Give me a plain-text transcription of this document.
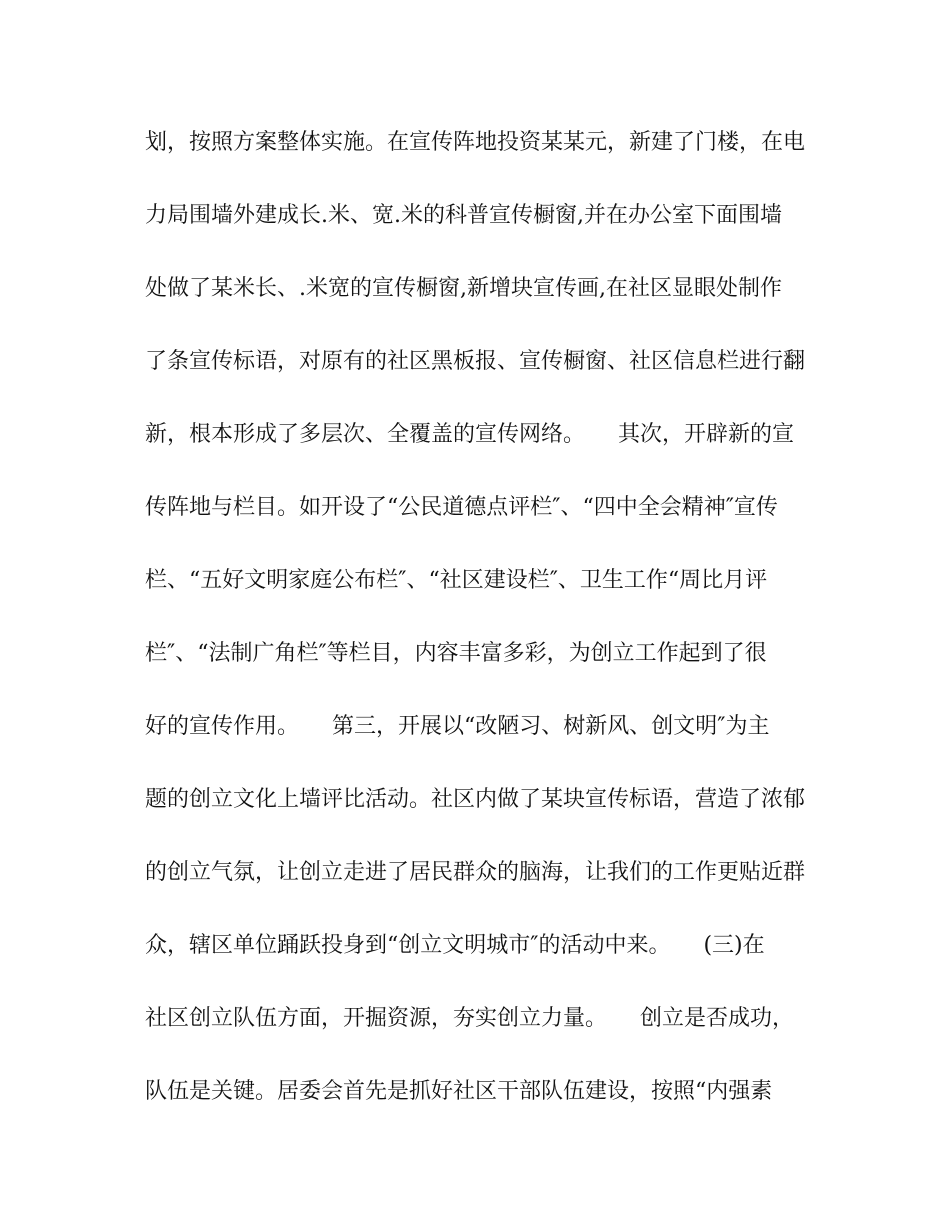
划，按照方案整体实施。在宣传阵地投资某某元，新建了门楼，在电
力局围墙外建成长.米、宽.米的科普宣传橱窗,并在办公室下面围墙
处做了某米长、.米宽的宣传橱窗,新增块宣传画,在社区显眼处制作
了条宣传标语，对原有的社区黑板报、宣传橱窗、社区信息栏进行翻
新，根本形成了多层次、全覆盖的宣传网络。　　其次，开辟新的宣
传阵地与栏目。如开设了“公民道德点评栏″、“四中全会精神″宣传
栏、“五好文明家庭公布栏″、“社区建设栏″、卫生工作“周比月评
栏″、“法制广角栏″等栏目，内容丰富多彩，为创立工作起到了很
好的宣传作用。　　第三，开展以“改陋习、树新风、创文明″为主
题的创立文化上墙评比活动。社区内做了某块宣传标语，营造了浓郁
的创立气氛，让创立走进了居民群众的脑海，让我们的工作更贴近群
众，辖区单位踊跃投身到“创立文明城市″的活动中来。　　(三)在
社区创立队伍方面，开掘资源，夯实创立力量。　　创立是否成功，
队伍是关键。居委会首先是抓好社区干部队伍建设，按照“内强素
